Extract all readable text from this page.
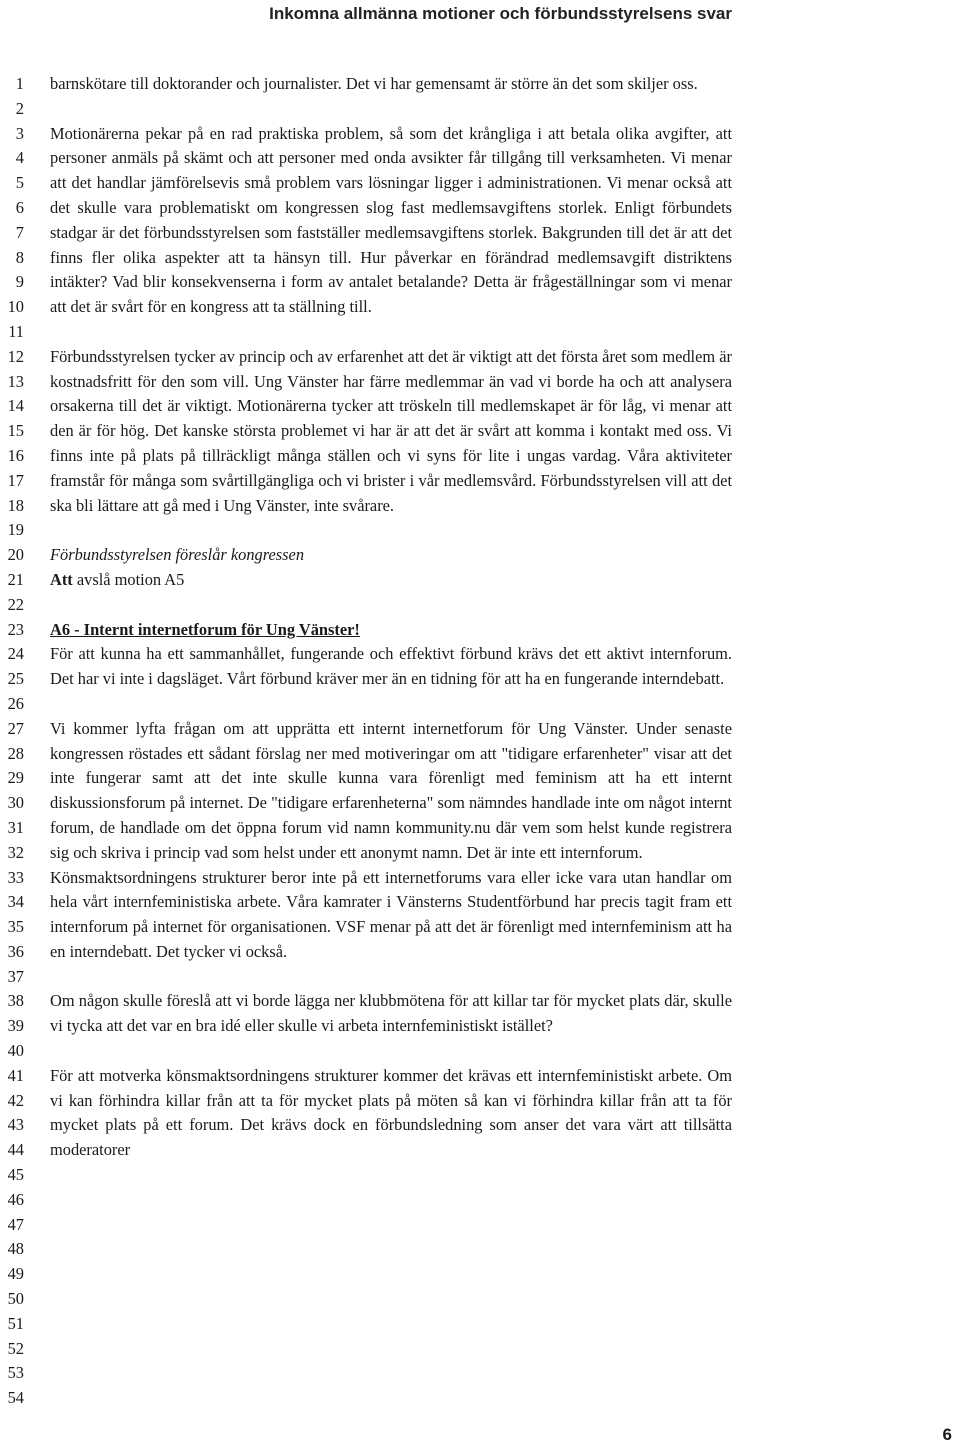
Inkomna allmänna motioner och förbundsstyrelsens svar
1
2
3
4
5
6
7
8
9
10
11
12
13
14
15
16
17
18
19
20
21
22
23
24
25
26
27
28
29
30
31
32
33
34
35
36
37
38
39
40
41
42
43
44
45
46
47
48
49
50
51
52
53
54

barnskötare till doktorander och journalister. Det vi har gemensamt är större än det som skiljer oss.

Motionärerna pekar på en rad praktiska problem, så som det krångliga i att betala olika avgifter, att personer anmäls på skämt och att personer med onda avsikter får tillgång till verksamheten. Vi menar att det handlar jämförelsevis små problem vars lösningar ligger i administrationen. Vi menar också att det skulle vara problematiskt om kongressen slog fast medlemsavgiftens storlek. Enligt förbundets stadgar är det förbundsstyrelsen som fastställer medlemsavgiftens storlek. Bakgrunden till det är att det finns fler olika aspekter att ta hänsyn till. Hur påverkar en förändrad medlemsavgift distriktens intäkter? Vad blir konsekvenserna i form av antalet betalande? Detta är frågeställningar som vi menar att det är svårt för en kongress att ta ställning till.

Förbundsstyrelsen tycker av princip och av erfarenhet att det är viktigt att det första året som medlem är kostnadsfritt för den som vill. Ung Vänster har färre medlemmar än vad vi borde ha och att analysera orsakerna till det är viktigt. Motionärerna tycker att tröskeln till medlemskapet är för låg, vi menar att den är för hög. Det kanske största problemet vi har är att det är svårt att komma i kontakt med oss. Vi finns inte på plats på tillräckligt många ställen och vi syns för lite i ungas vardag. Våra aktiviteter framstår för många som svårtillgängliga och vi brister i vår medlemsvård. Förbundsstyrelsen vill att det ska bli lättare att gå med i Ung Vänster, inte svårare.

Förbundsstyrelsen föreslår kongressen

Att avslå motion A5

A6 - Internt internetforum för Ung Vänster!

För att kunna ha ett sammanhållet, fungerande och effektivt förbund krävs det ett aktivt internforum. Det har vi inte i dagsläget. Vårt förbund kräver mer än en tidning för att ha en fungerande interndebatt.

Vi kommer lyfta frågan om att upprätta ett internt internetforum för Ung Vänster. Under senaste kongressen röstades ett sådant förslag ner med motiveringar om att "tidigare erfarenheter" visar att det inte fungerar samt att det inte skulle kunna vara förenligt med feminism att ha ett internt diskussionsforum på internet. De "tidigare erfarenheterna" som nämndes handlade inte om något internt forum, de handlade om det öppna forum vid namn kommunity.nu där vem som helst kunde registrera sig och skriva i princip vad som helst under ett anonymt namn. Det är inte ett internforum.

Könsmaktsordningens strukturer beror inte på ett internetforums vara eller icke vara utan handlar om hela vårt internfeministiska arbete. Våra kamrater i Vänsterns Studentförbund har precis tagit fram ett internforum på internet för organisationen. VSF menar på att det är förenligt med internfeminism att ha en interndebatt. Det tycker vi också.

Om någon skulle föreslå att vi borde lägga ner klubbmötena för att killar tar för mycket plats där, skulle vi tycka att det var en bra idé eller skulle vi arbeta internfeministiskt istället?

För att motverka könsmaktsordningens strukturer kommer det krävas ett internfeministiskt arbete. Om vi kan förhindra killar från att ta för mycket plats på möten så kan vi förhindra killar från att ta för mycket plats på ett forum. Det krävs dock en förbundsledning som anser det vara värt att tillsätta moderatorer

6
